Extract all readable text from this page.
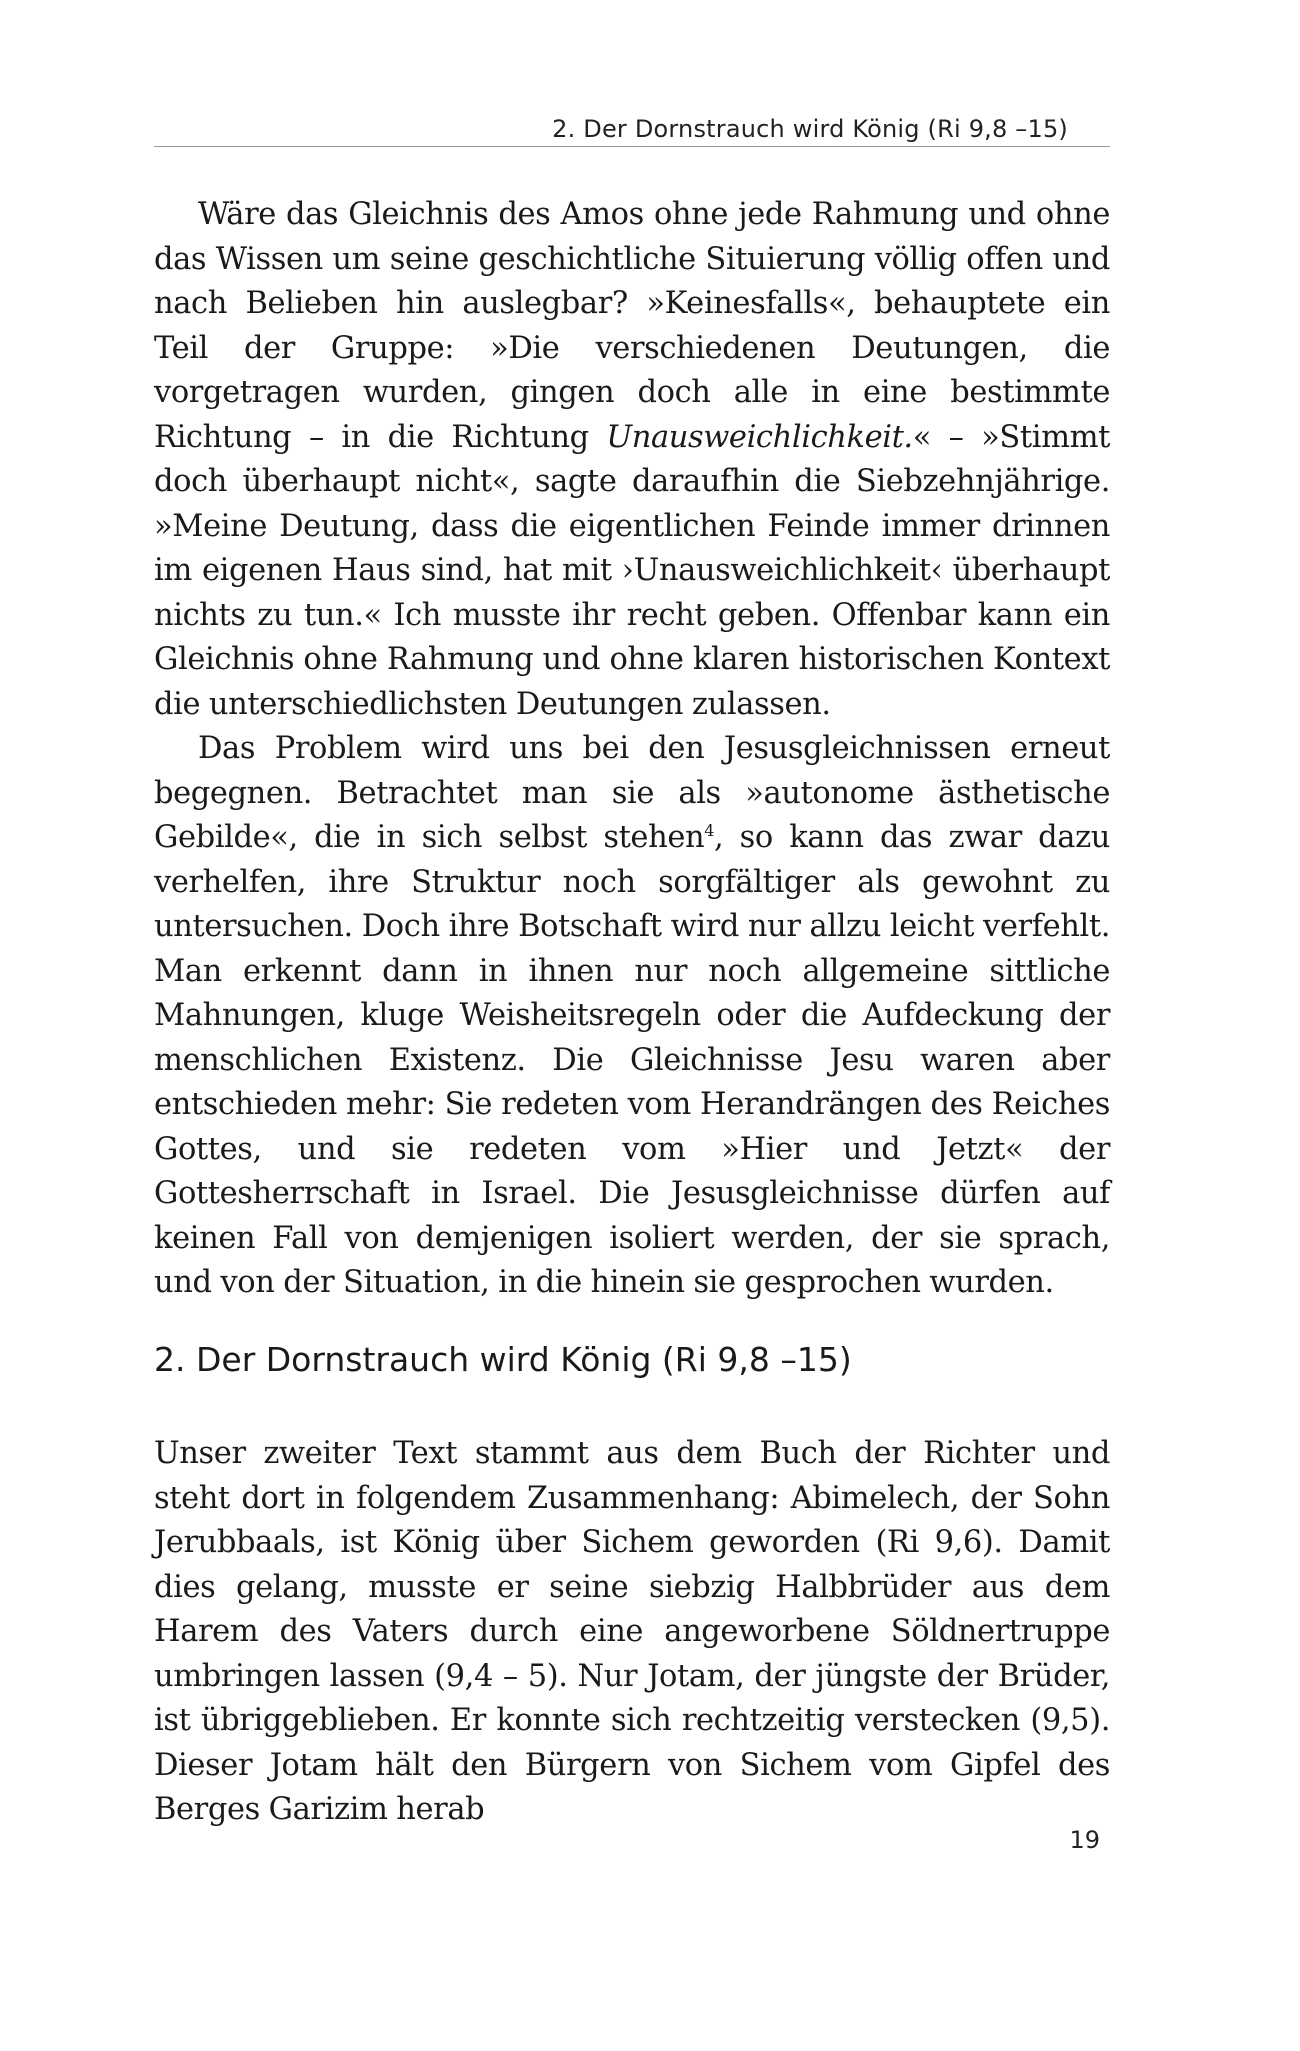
2. Der Dornstrauch wird König (Ri 9,8 –15)

Wäre das Gleichnis des Amos ohne jede Rahmung und ohne das Wissen um seine geschichtliche Situierung völlig offen und nach Belieben hin auslegbar? »Keinesfalls«, behauptete ein Teil der Gruppe: »Die verschiedenen Deutungen, die vorgetragen wurden, gingen doch alle in eine bestimmte Richtung – in die Richtung Unausweichlichkeit.« – »Stimmt doch überhaupt nicht«, sagte daraufhin die Siebzehnjährige. »Meine Deutung, dass die eigentlichen Feinde immer drinnen im eigenen Haus sind, hat mit ›Unausweichlichkeit‹ überhaupt nichts zu tun.« Ich musste ihr recht geben. Offenbar kann ein Gleichnis ohne Rahmung und ohne klaren historischen Kontext die unterschiedlichsten Deutungen zulassen.

Das Problem wird uns bei den Jesusgleichnissen erneut begegnen. Betrachtet man sie als »autonome ästhetische Gebilde«, die in sich selbst stehen$^4$, so kann das zwar dazu verhelfen, ihre Struktur noch sorgfältiger als gewohnt zu untersuchen. Doch ihre Botschaft wird nur allzu leicht verfehlt. Man erkennt dann in ihnen nur noch allgemeine sittliche Mahnungen, kluge Weisheitsregeln oder die Aufdeckung der menschlichen Existenz. Die Gleichnisse Jesu waren aber entschieden mehr: Sie redeten vom Herandrängen des Reiches Gottes, und sie redeten vom »Hier und Jetzt« der Gottesherrschaft in Israel. Die Jesusgleichnisse dürfen auf keinen Fall von demjenigen isoliert werden, der sie sprach, und von der Situation, in die hinein sie gesprochen wurden.

2. Der Dornstrauch wird König (Ri 9,8 –15)

Unser zweiter Text stammt aus dem Buch der Richter und steht dort in folgendem Zusammenhang: Abimelech, der Sohn Jerubbaals, ist König über Sichem geworden (Ri 9,6). Damit dies gelang, musste er seine siebzig Halbbrüder aus dem Harem des Vaters durch eine angeworbene Söldnertruppe umbringen lassen (9,4 – 5). Nur Jotam, der jüngste der Brüder, ist übriggeblieben. Er konnte sich rechtzeitig verstecken (9,5). Dieser Jotam hält den Bürgern von Sichem vom Gipfel des Berges Garizim herab

19
